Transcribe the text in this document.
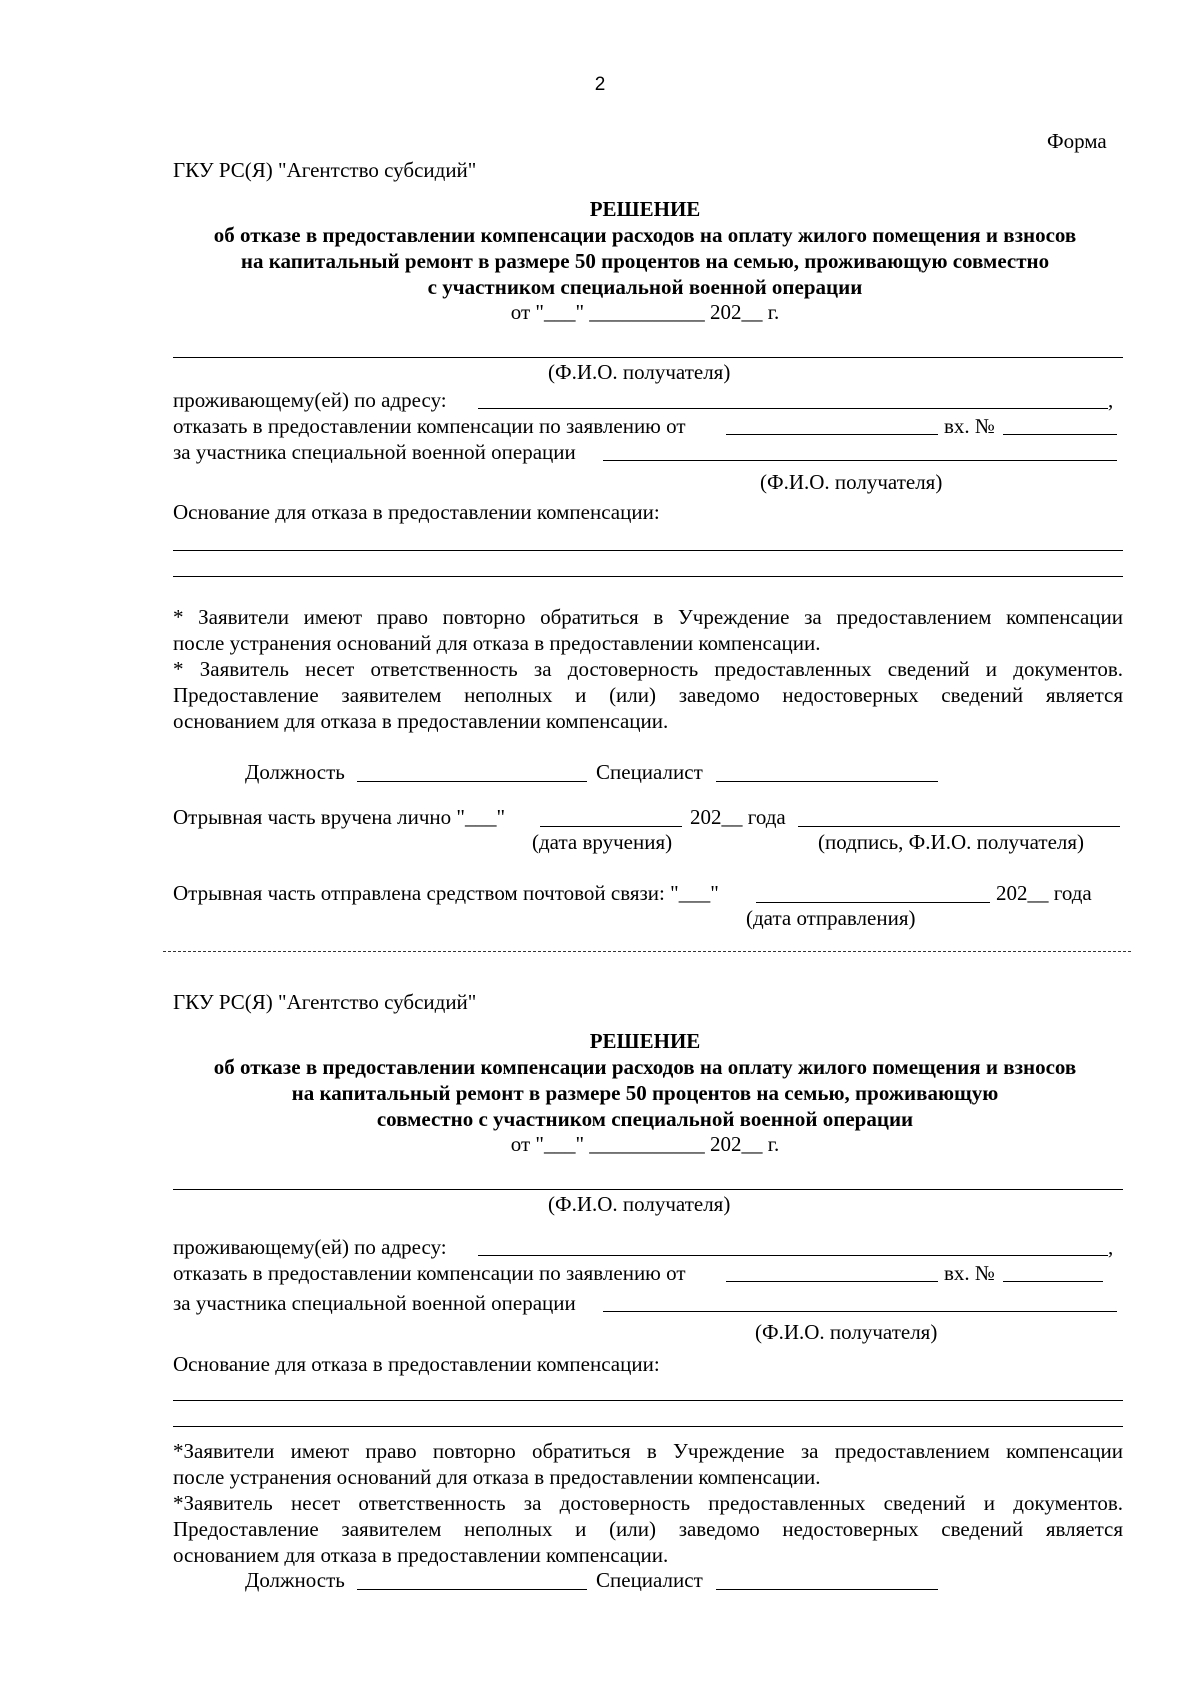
2
Форма
ГКУ РС(Я) "Агентство субсидий"
РЕШЕНИЕ
об отказе в предоставлении компенсации расходов на оплату жилого помещения и взносов
на капитальный ремонт в размере 50 процентов на семью, проживающую совместно
с участником специальной военной операции
от "___" ___________ 202__ г.
(Ф.И.О. получателя)
проживающему(ей) по адресу:	,
отказать в предоставлении компенсации по заявлению от	вх. №
за участника специальной военной операции
(Ф.И.О. получателя)
Основание для отказа в предоставлении компенсации:
* Заявители имеют право повторно обратиться в Учреждение за предоставлением компенсации
после устранения оснований для отказа в предоставлении компенсации.
* Заявитель несет ответственность за достоверность предоставленных сведений и документов.
Предоставление заявителем неполных и (или) заведомо недостоверных сведений является
основанием для отказа в предоставлении компенсации.
Должность	Специалист
Отрывная часть вручена лично "___"	202__ года
(дата вручения)	(подпись, Ф.И.О. получателя)
Отрывная часть отправлена средством почтовой связи: "___"	202__ года
(дата отправления)
ГКУ РС(Я) "Агентство субсидий"
РЕШЕНИЕ
об отказе в предоставлении компенсации расходов на оплату жилого помещения и взносов
на капитальный ремонт в размере 50 процентов на семью, проживающую
совместно с участником специальной военной операции
от "___" ___________ 202__ г.
(Ф.И.О. получателя)
проживающему(ей) по адресу:	,
отказать в предоставлении компенсации по заявлению от	вх. №
за участника специальной военной операции
(Ф.И.О. получателя)
Основание для отказа в предоставлении компенсации:
*Заявители имеют право повторно обратиться в Учреждение за предоставлением компенсации
после устранения оснований для отказа в предоставлении компенсации.
*Заявитель несет ответственность за достоверность предоставленных сведений и документов.
Предоставление заявителем неполных и (или) заведомо недостоверных сведений является
основанием для отказа в предоставлении компенсации.
Должность	Специалист
